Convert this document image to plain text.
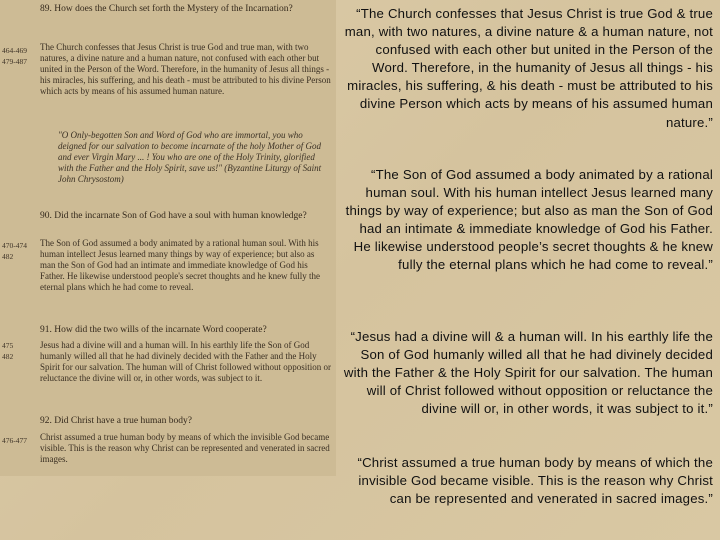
89. How does the Church set forth the Mystery of the Incarnation?
464-469
479-487
The Church confesses that Jesus Christ is true God and true man, with two natures, a divine nature and a human nature, not confused with each other but united in the Person of the Word. Therefore, in the humanity of Jesus all things - his miracles, his suffering, and his death - must be attributed to his divine Person which acts by means of his assumed human nature.
"O Only-begotten Son and Word of God who are immortal, you who deigned for our salvation to become incarnate of the holy Mother of God and ever Virgin Mary ... ! You who are one of the Holy Trinity, glorified with the Father and the Holy Spirit, save us!" (Byzantine Liturgy of Saint John Chrysostom)
90. Did the incarnate Son of God have a soul with human knowledge?
470-474
482
The Son of God assumed a body animated by a rational human soul. With his human intellect Jesus learned many things by way of experience; but also as man the Son of God had an intimate and immediate knowledge of God his Father. He likewise understood people's secret thoughts and he knew fully the eternal plans which he had come to reveal.
91. How did the two wills of the incarnate Word cooperate?
475
482
Jesus had a divine will and a human will. In his earthly life the Son of God humanly willed all that he had divinely decided with the Father and the Holy Spirit for our salvation. The human will of Christ followed without opposition or reluctance the divine will or, in other words, was subject to it.
92. Did Christ have a true human body?
476-477 Christ assumed a true human body by means of which the invisible God became visible. This is the reason why Christ can be represented and venerated in sacred images.
“The Church confesses that Jesus Christ is true God & true man, with two natures, a divine nature & a human nature, not confused with each other but united in the Person of the Word. Therefore, in the humanity of Jesus all things - his miracles, his suffering, & his death - must be attributed to his divine Person which acts by means of his assumed human nature.”
“The Son of God assumed a body animated by a rational human soul. With his human intellect Jesus learned many things by way of experience; but also as man the Son of God had an intimate & immediate knowledge of God his Father. He likewise understood people’s secret thoughts & he knew fully the eternal plans which he had come to reveal.”
“Jesus had a divine will & a human will. In his earthly life the Son of God humanly willed all that he had divinely decided with the Father & the Holy Spirit for our salvation. The human will of Christ followed without opposition or reluctance the divine will or, in other words, it was subject to it.”
“Christ assumed a true human body by means of which the invisible God became visible. This is the reason why Christ can be represented and venerated in sacred images.”
